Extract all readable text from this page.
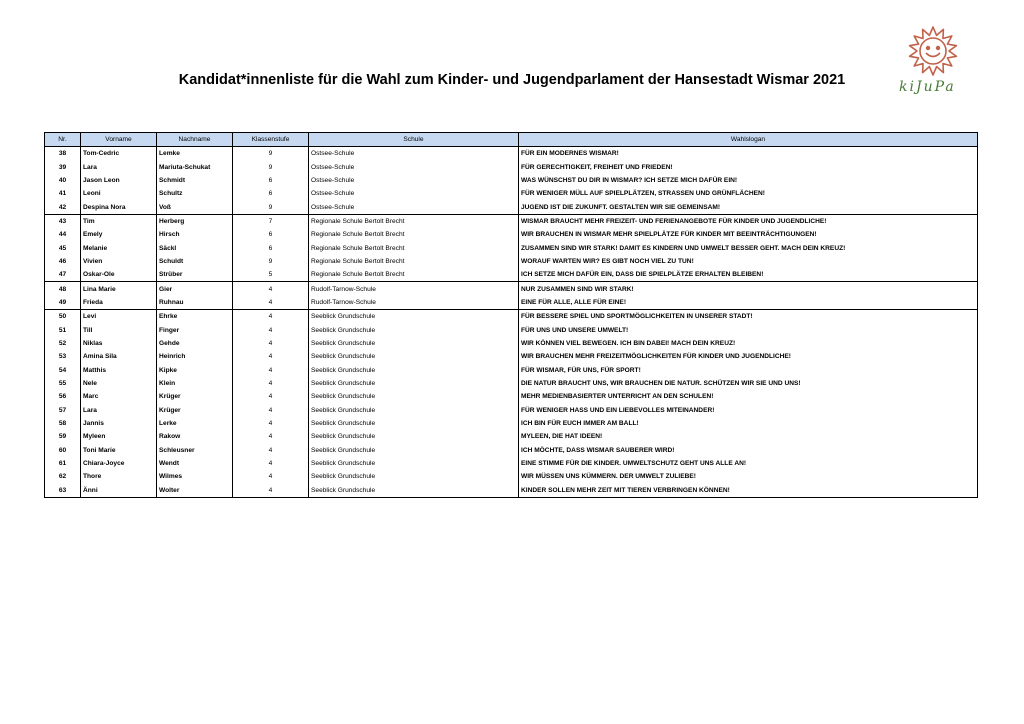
Kandidat*innenliste für die Wahl zum Kinder- und Jugendparlament der Hansestadt Wismar 2021	kiJuPa
Nr.	Vorname	Nachname	Klassenstufe	Schule	Wahlslogan
38	Tom-Cedric	Lemke	9	Ostsee-Schule	FÜR EIN MODERNES WISMAR!
39	Lara	Mariuta-Schukat	9	Ostsee-Schule	FÜR GERECHTIGKEIT, FREIHEIT UND FRIEDEN!
40	Jason Leon	Schmidt	6	Ostsee-Schule	WAS WÜNSCHST DU DIR IN WISMAR? ICH SETZE MICH DAFÜR EIN!
41	Leoni	Schultz	6	Ostsee-Schule	FÜR WENIGER MÜLL AUF SPIELPLÄTZEN, STRASSEN UND GRÜNFLÄCHEN!
42	Despina Nora	Voß	9	Ostsee-Schule	JUGEND IST DIE ZUKUNFT. GESTALTEN WIR SIE GEMEINSAM!
43	Tim	Herberg	7	Regionale Schule Bertolt Brecht	WISMAR BRAUCHT MEHR FREIZEIT- UND FERIENANGEBOTE FÜR KINDER UND JUGENDLICHE!
44	Emely	Hirsch	6	Regionale Schule Bertolt Brecht	WIR BRAUCHEN IN WISMAR MEHR SPIELPLÄTZE FÜR KINDER MIT BEEINTRÄCHTIGUNGEN!
45	Melanie	Säckl	6	Regionale Schule Bertolt Brecht	ZUSAMMEN SIND WIR STARK! DAMIT ES KINDERN UND UMWELT BESSER GEHT. MACH DEIN KREUZ!
46	Vivien	Schuldt	9	Regionale Schule Bertolt Brecht	WORAUF WARTEN WIR? ES GIBT NOCH VIEL ZU TUN!
47	Oskar-Ole	Strüber	5	Regionale Schule Bertolt Brecht	ICH SETZE MICH DAFÜR EIN, DASS DIE SPIELPLÄTZE ERHALTEN BLEIBEN!
48	Lina Marie	Gier	4	Rudolf-Tarnow-Schule	NUR ZUSAMMEN SIND WIR STARK!
49	Frieda	Ruhnau	4	Rudolf-Tarnow-Schule	EINE FÜR ALLE, ALLE FÜR EINE!
50	Levi	Ehrke	4	Seeblick Grundschule	FÜR BESSERE SPIEL UND SPORTMÖGLICHKEITEN IN UNSERER STADT!
51	Till	Finger	4	Seeblick Grundschule	FÜR UNS UND UNSERE UMWELT!
52	Niklas	Gehde	4	Seeblick Grundschule	WIR KÖNNEN VIEL BEWEGEN. ICH BIN DABEI! MACH DEIN KREUZ!
53	Amina Sila	Heinrich	4	Seeblick Grundschule	WIR BRAUCHEN MEHR FREIZEITMÖGLICHKEITEN FÜR KINDER UND JUGENDLICHE!
54	Matthis	Kipke	4	Seeblick Grundschule	FÜR WISMAR, FÜR UNS, FÜR SPORT!
55	Nele	Klein	4	Seeblick Grundschule	DIE NATUR BRAUCHT UNS, WIR BRAUCHEN DIE NATUR. SCHÜTZEN WIR SIE UND UNS!
56	Marc	Krüger	4	Seeblick Grundschule	MEHR MEDIENBASIERTER UNTERRICHT AN DEN SCHULEN!
57	Lara	Krüger	4	Seeblick Grundschule	FÜR WENIGER HASS UND EIN LIEBEVOLLES MITEINANDER!
58	Jannis	Lerke	4	Seeblick Grundschule	ICH BIN FÜR EUCH IMMER AM BALL!
59	Myleen	Rakow	4	Seeblick Grundschule	MYLEEN, DIE HAT IDEEN!
60	Toni Marie	Schleusner	4	Seeblick Grundschule	ICH MÖCHTE, DASS WISMAR SAUBERER WIRD!
61	Chiara-Joyce	Wendt	4	Seeblick Grundschule	EINE STIMME FÜR DIE KINDER. UMWELTSCHUTZ GEHT UNS ALLE AN!
62	Thore	Wilmes	4	Seeblick Grundschule	WIR MÜSSEN UNS KÜMMERN. DER UMWELT ZULIEBE!
63	Änni	Wolter	4	Seeblick Grundschule	KINDER SOLLEN MEHR ZEIT MIT TIEREN VERBRINGEN KÖNNEN!
